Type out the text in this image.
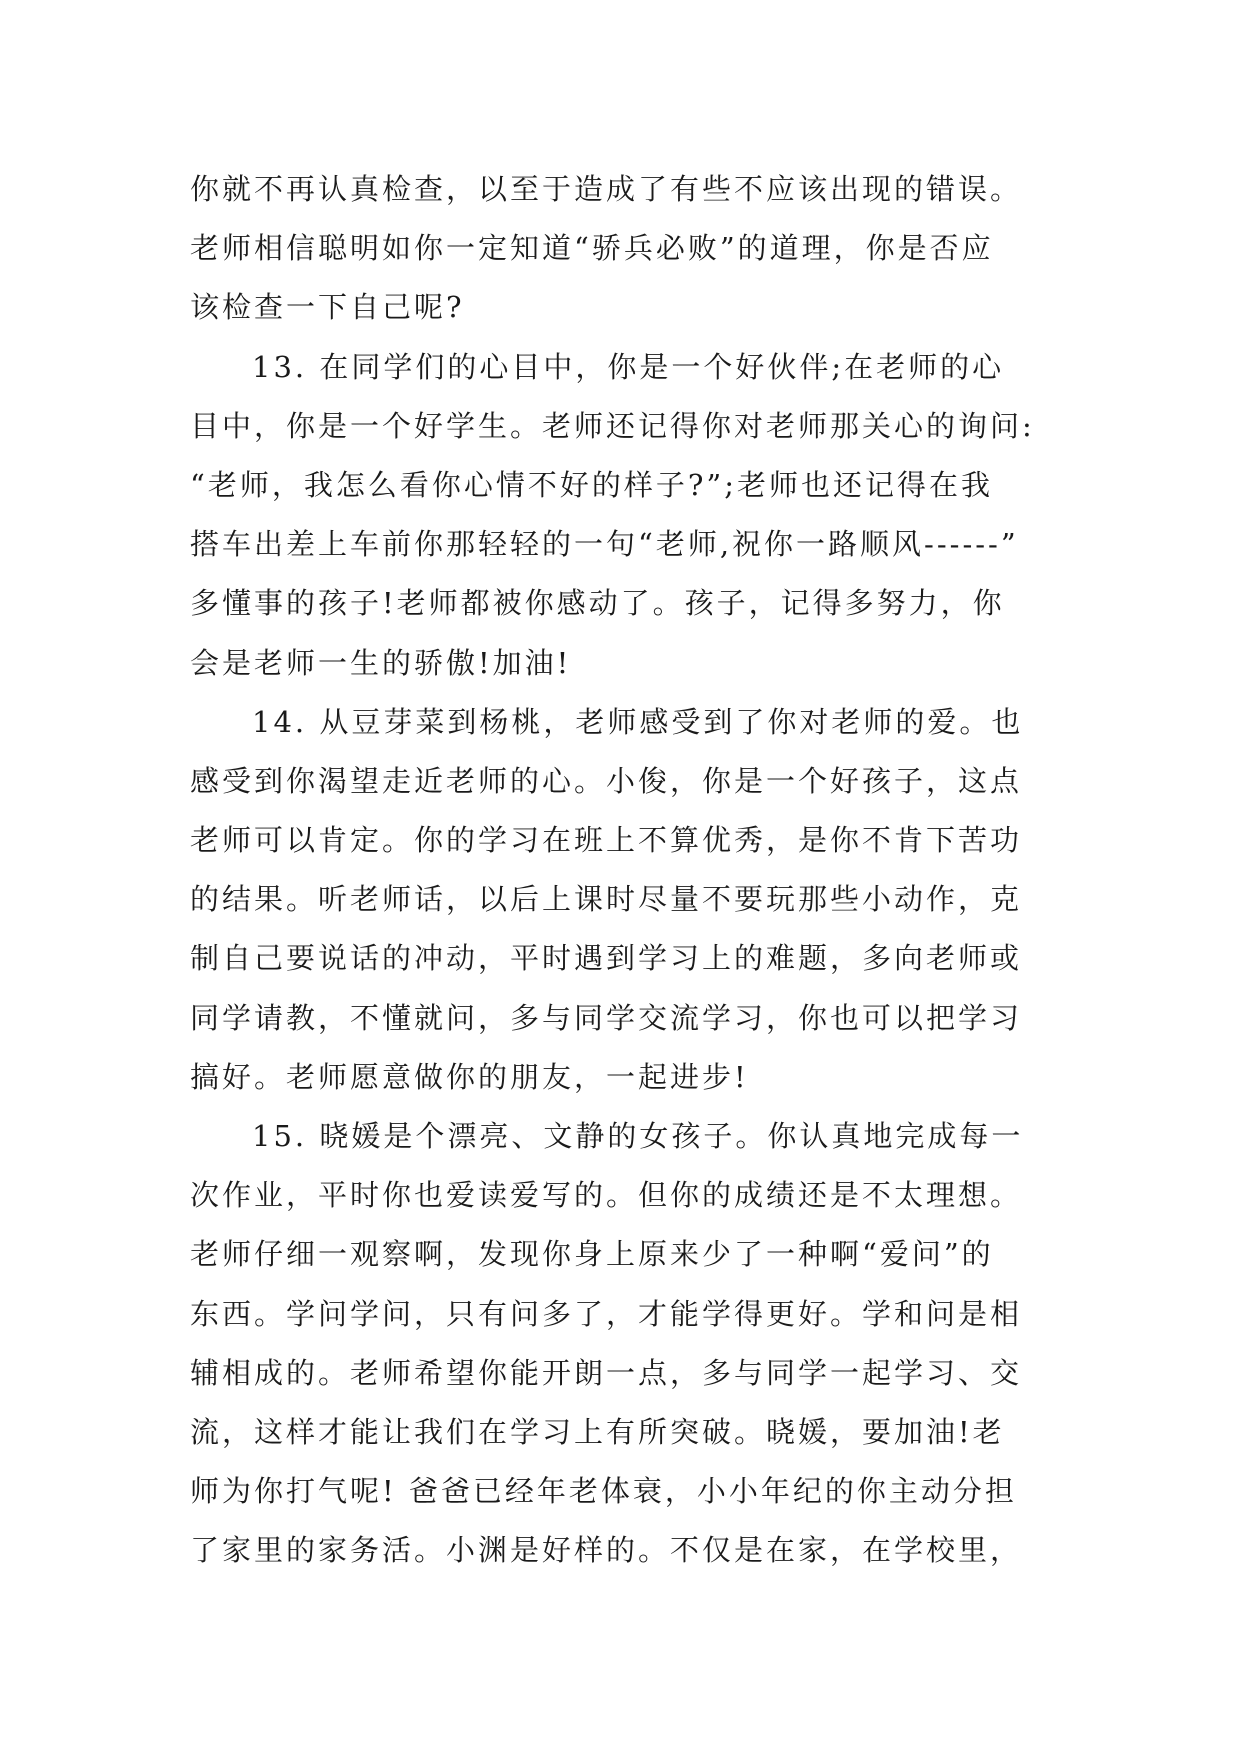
你就不再认真检查，以至于造成了有些不应该出现的错误。
老师相信聪明如你一定知道“骄兵必败”的道理，你是否应
该检查一下自己呢?
13. 在同学们的心目中，你是一个好伙伴;在老师的心
目中，你是一个好学生。老师还记得你对老师那关心的询问:
“老师，我怎么看你心情不好的样子?”;老师也还记得在我
搭车出差上车前你那轻轻的一句“老师,祝你一路顺风------”
多懂事的孩子!老师都被你感动了。孩子，记得多努力，你
会是老师一生的骄傲!加油!
14. 从豆芽菜到杨桃，老师感受到了你对老师的爱。也
感受到你渴望走近老师的心。小俊，你是一个好孩子，这点
老师可以肯定。你的学习在班上不算优秀，是你不肯下苦功
的结果。听老师话，以后上课时尽量不要玩那些小动作，克
制自己要说话的冲动，平时遇到学习上的难题，多向老师或
同学请教，不懂就问，多与同学交流学习，你也可以把学习
搞好。老师愿意做你的朋友，一起进步!
15. 晓媛是个漂亮、文静的女孩子。你认真地完成每一
次作业，平时你也爱读爱写的。但你的成绩还是不太理想。
老师仔细一观察啊，发现你身上原来少了一种啊“爱问”的
东西。学问学问，只有问多了，才能学得更好。学和问是相
辅相成的。老师希望你能开朗一点，多与同学一起学习、交
流，这样才能让我们在学习上有所突破。晓媛，要加油!老
师为你打气呢! 爸爸已经年老体衰，小小年纪的你主动分担
了家里的家务活。小渊是好样的。不仅是在家，在学校里，
